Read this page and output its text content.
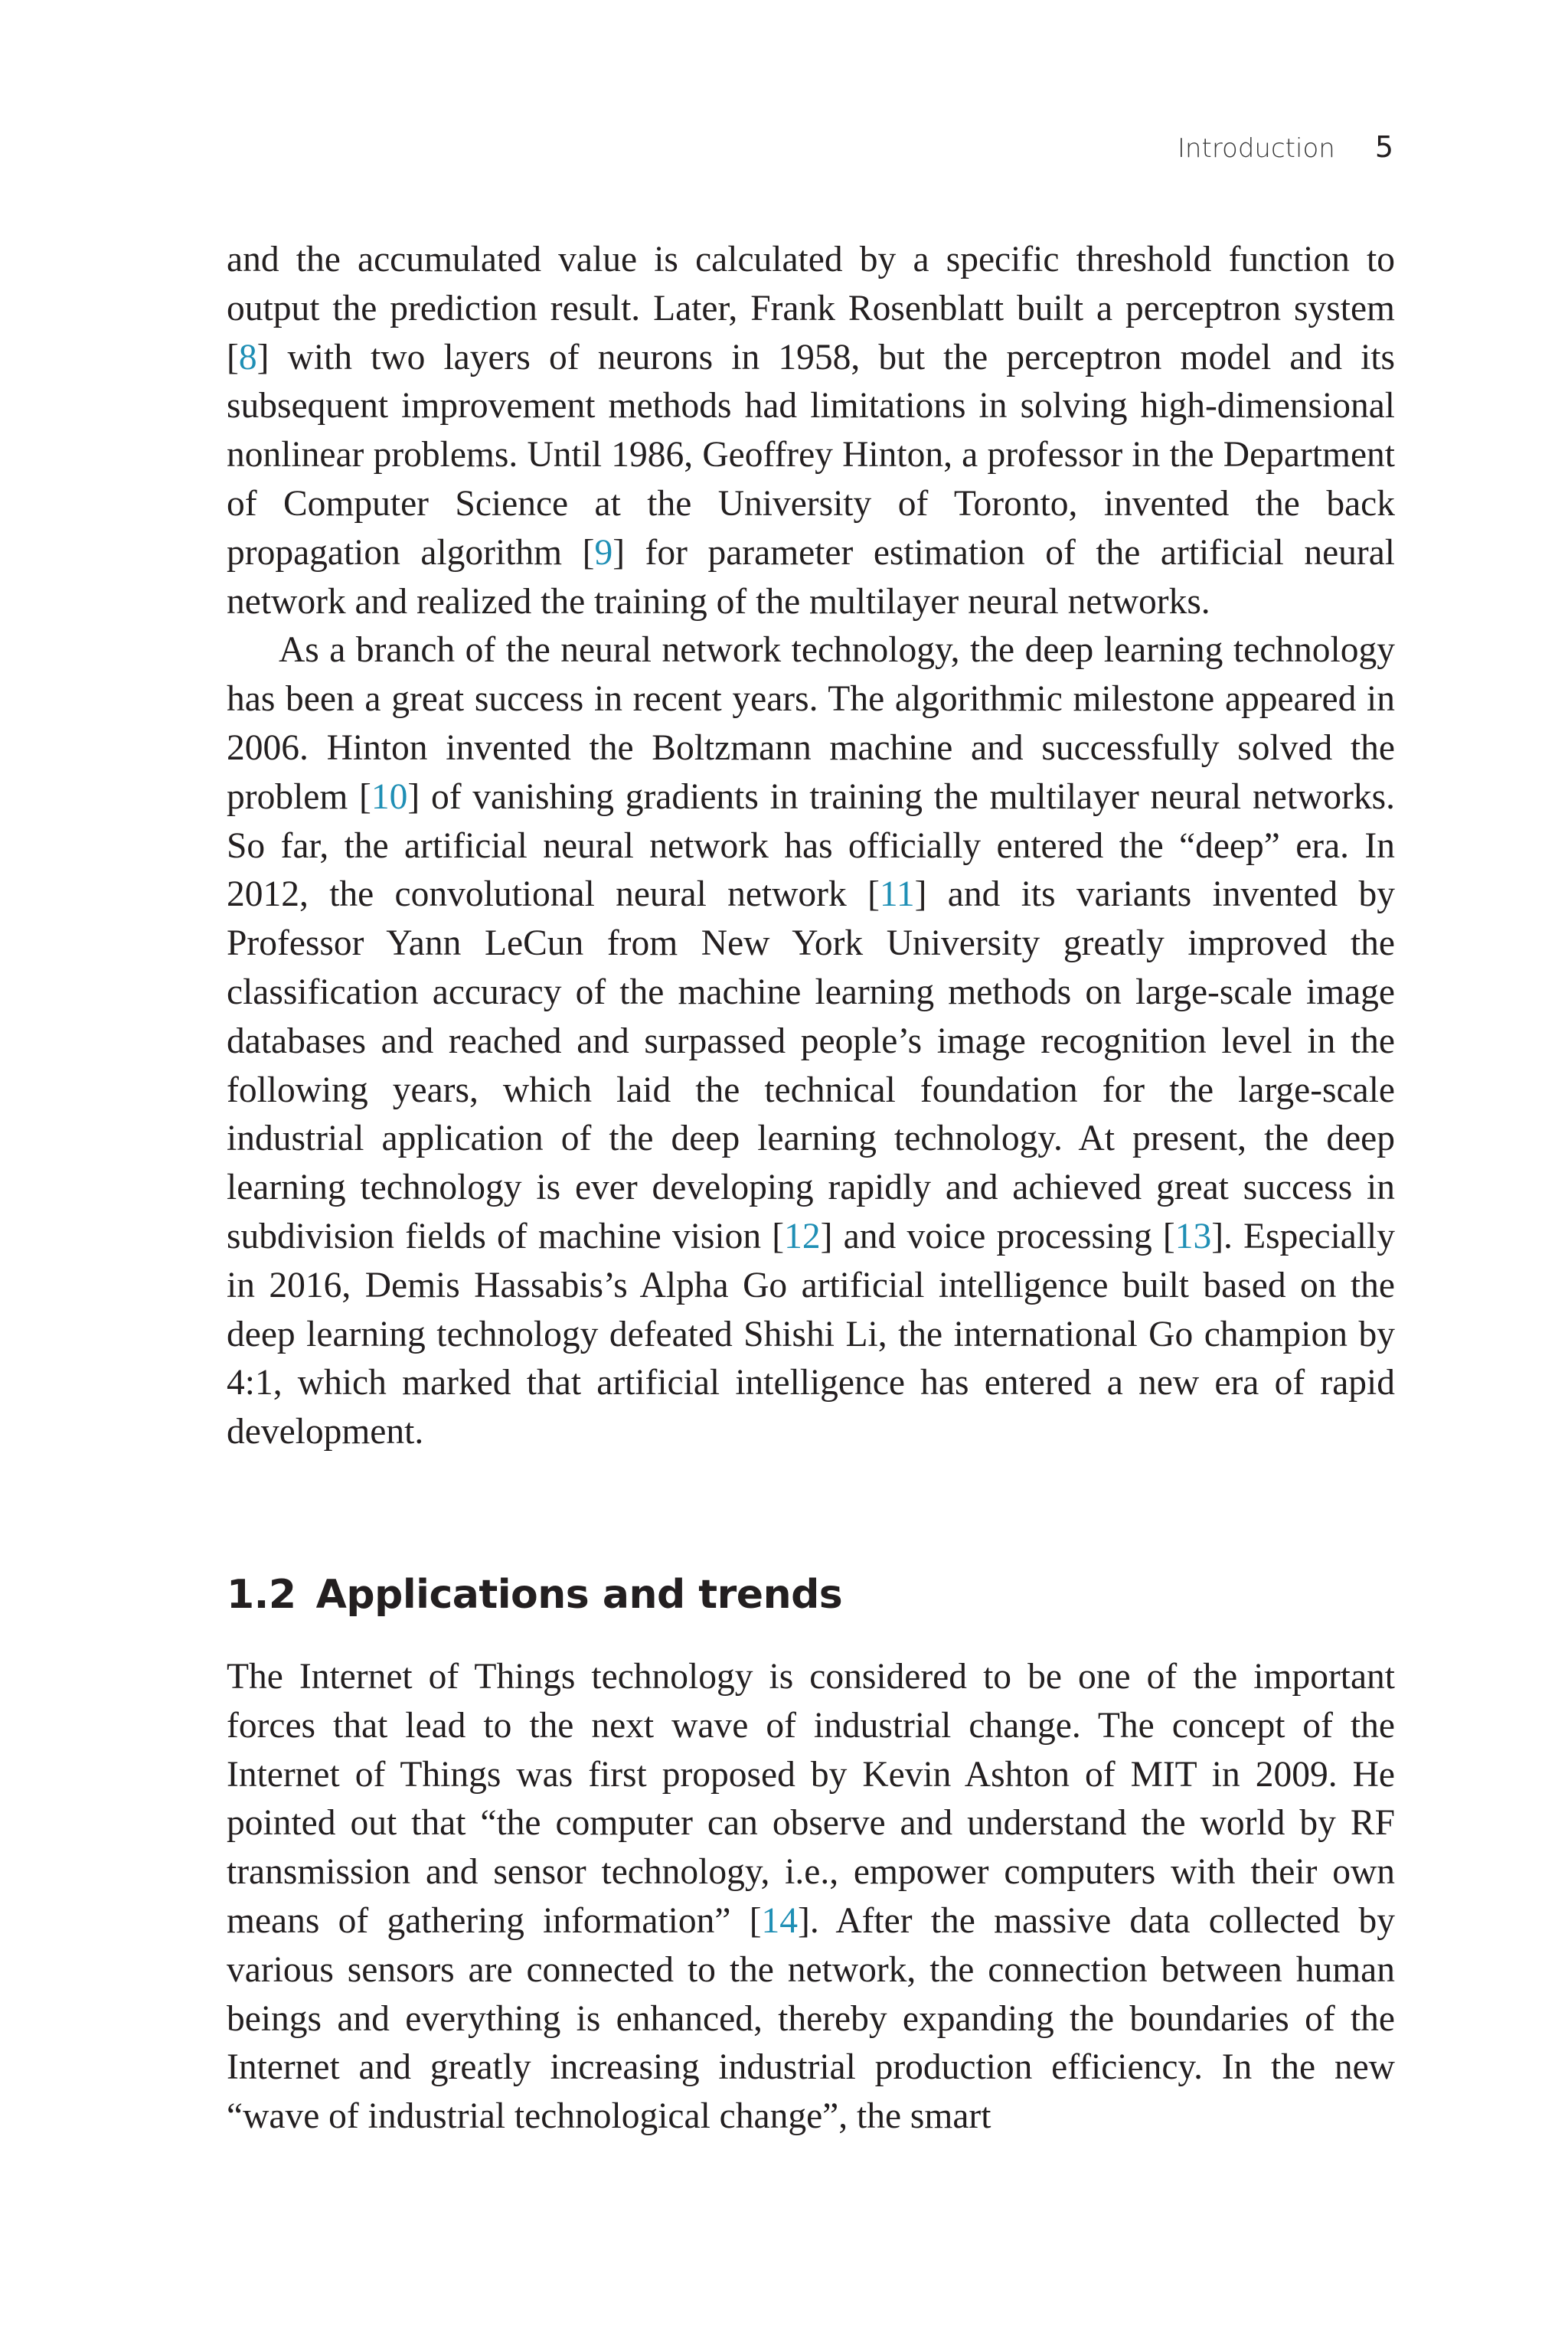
Introduction 5

and the accumulated value is calculated by a specific threshold function to output the prediction result. Later, Frank Rosenblatt built a perceptron system [8] with two layers of neurons in 1958, but the perceptron model and its subsequent improvement methods had limitations in solving high-dimensional nonlinear problems. Until 1986, Geoffrey Hinton, a professor in the Department of Computer Science at the University of Toronto, invented the back propagation algorithm [9] for parameter estimation of the artificial neural network and realized the training of the multilayer neural networks.

As a branch of the neural network technology, the deep learning technology has been a great success in recent years. The algorithmic milestone appeared in 2006. Hinton invented the Boltzmann machine and successfully solved the problem [10] of vanishing gradients in training the multilayer neural networks. So far, the artificial neural network has officially entered the “deep” era. In 2012, the convolutional neural network [11] and its variants invented by Professor Yann LeCun from New York University greatly improved the classification accuracy of the machine learning methods on large-scale image databases and reached and surpassed people’s image recognition level in the following years, which laid the technical foundation for the large-scale industrial application of the deep learning technology. At present, the deep learning technology is ever developing rapidly and achieved great success in subdivision fields of machine vision [12] and voice processing [13]. Especially in 2016, Demis Hassabis’s Alpha Go artificial intelligence built based on the deep learning technology defeated Shishi Li, the international Go champion by 4:1, which marked that artificial intelligence has entered a new era of rapid development.

1.2 Applications and trends

The Internet of Things technology is considered to be one of the important forces that lead to the next wave of industrial change. The concept of the Internet of Things was first proposed by Kevin Ashton of MIT in 2009. He pointed out that “the computer can observe and understand the world by RF transmission and sensor technology, i.e., empower computers with their own means of gathering information” [14]. After the massive data collected by various sensors are connected to the network, the connection between human beings and everything is enhanced, thereby expanding the boundaries of the Internet and greatly increasing industrial production efficiency. In the new “wave of industrial technological change”, the smart
